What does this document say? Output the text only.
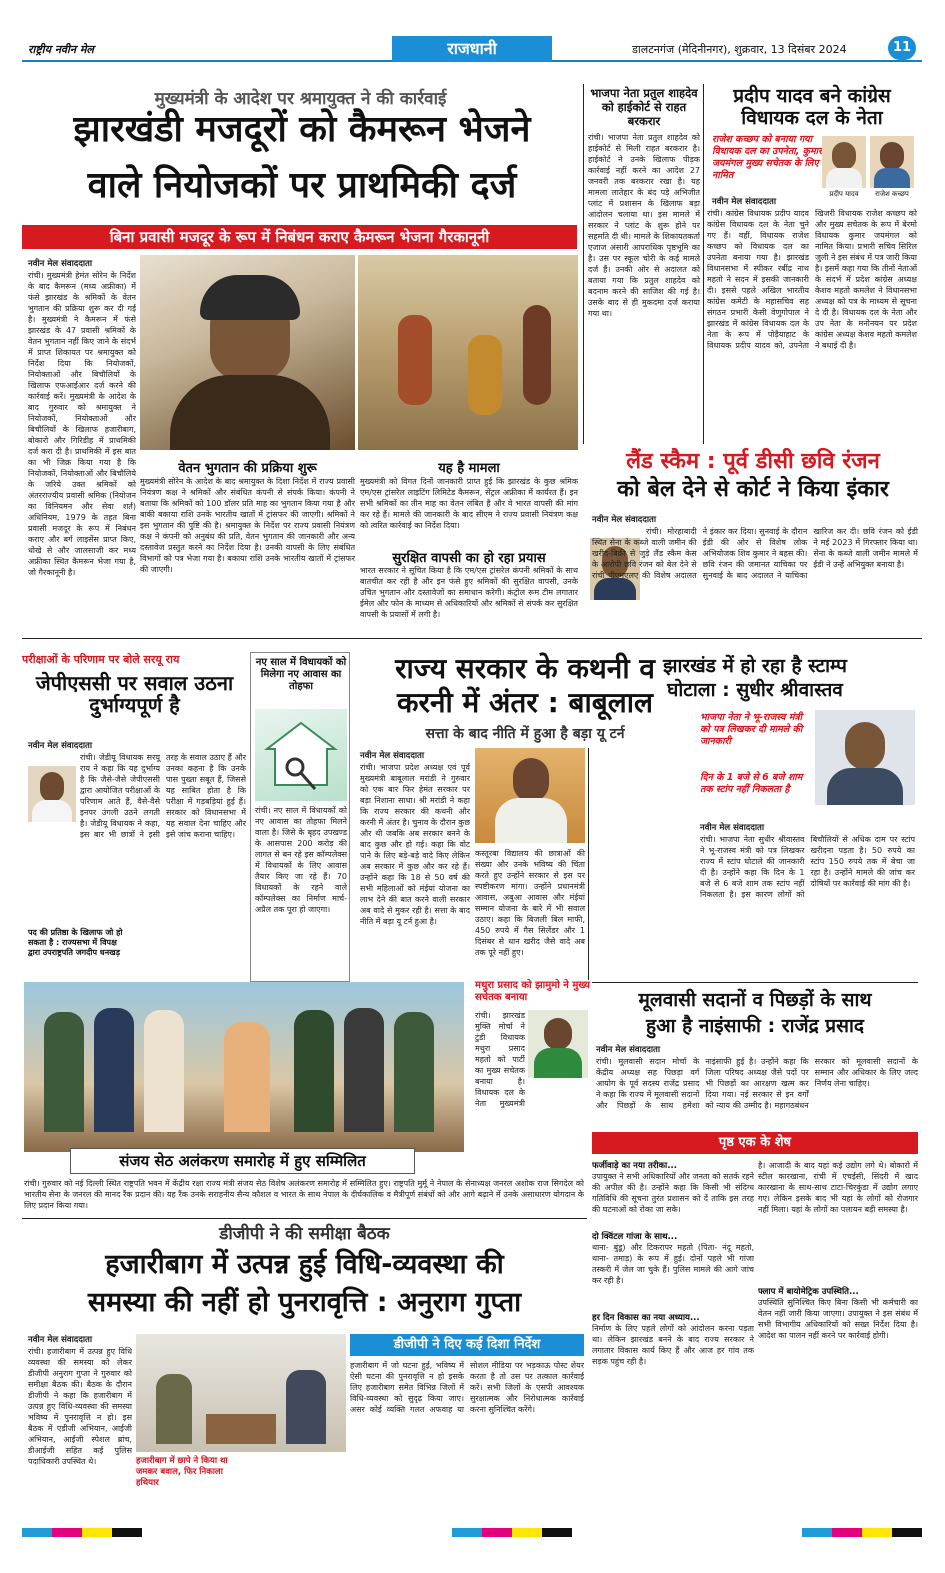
राष्ट्रीय नवीन मेल	राजधानी	डालटनगंज (मेदिनीनगर), शुक्रवार, 13 दिसंबर 2024	11
मुख्यमंत्री के आदेश पर श्रमायुक्त ने की कार्रवाई
झारखंडी मजदूरों को कैमरून भेजने
वाले नियोजकों पर प्राथमिकी दर्ज
बिना प्रवासी मजदूर के रूप में निबंधन कराए कैमरून भेजना गैरकानूनी
नवीन मेल संवाददाता
रांची। मुख्यमंत्री हेमंत सोरेन के निर्देश के बाद कैमरून (मध्य अफ्रीका) में फंसे झारखंड के श्रमिकों के वेतन भुगतान की प्रक्रिया शुरू कर दी गई है। मुख्यमंत्री ने कैमरून में फंसे झारखंड के 47 प्रवासी श्रमिकों के वेतन भुगतान नहीं किए जाने के संदर्भ में प्राप्त शिकायत पर श्रमायुक्त को निर्देश दिया कि नियोजकों, नियोक्ताओं और बिचौलियों के खिलाफ एफआईआर दर्ज करने की कार्रवाई करें। मुख्यमंत्री के आदेश के बाद गुरुवार को श्रमायुक्त ने नियोजकों, नियोक्ताओं और बिचौलियों के खिलाफ हजारीबाग, बोकारो और गिरिडीह में प्राथमिकी दर्ज करा दी है। प्राथमिकी में इस बात का भी जिक्र किया गया है कि नियोजकों, नियोक्ताओं और बिचौलिये के जरिये उक्त श्रमिकों को अंतरराज्यीय प्रवासी श्रमिक (नियोजन का विनियमन और सेवा शर्त) अधिनियम, 1979 के तहत बिना प्रवासी मजदूर के रूप में निबंधन कराए और बर्ग लाइसेंस प्राप्त किए, धोखे से और जालसाजी कर मध्य अफ्रीका स्थित कैमरून भेजा गया है, जो गैरकानूनी है।
वेतन भुगतान की प्रक्रिया शुरू
मुख्यमंत्री सोरेन के आदेश के बाद श्रमायुक्त के दिशा निर्देश में राज्य प्रवासी नियंत्रण कक्ष ने श्रमिकों और संबंधित कंपनी से संपर्क किया। कंपनी ने बताया कि श्रमिकों को 100 डॉलर प्रति माह का भुगतान किया गया है और बाकी बकाया राशि उनके भारतीय खातों में ट्रांसफर की जाएगी। श्रमिकों ने इस भुगतान की पुष्टि की है। श्रमायुक्त के निर्देश पर राज्य प्रवासी नियंत्रण कक्ष ने कंपनी को अनुबंध की प्रति, वेतन भुगतान की जानकारी और अन्य दस्तावेज प्रस्तुत करने का निर्देश दिया है। उनकी वापसी के लिए संबंधित विभागों को पत्र भेजा गया है। बकाया राशि उनके भारतीय खातों में ट्रांसफर की जाएगी।
यह है मामला
मुख्यमंत्री को विगत दिनों जानकारी प्राप्त हुई कि झारखंड के कुछ श्रमिक एम/एस ट्रांसरेल लाइटिंग लिमिटेड कैमरून, सेंट्रल अफ्रीका में कार्यरत हैं। इन सभी श्रमिकों का तीन माह का वेतन लंबित है और वे भारत वापसी की मांग कर रहे हैं। मामले की जानकारी के बाद सीएम ने राज्य प्रवासी नियंत्रण कक्ष को त्वरित कार्रवाई का निर्देश दिया।
सुरक्षित वापसी का हो रहा प्रयास
भारत सरकार ने सूचित किया है कि एम/एस ट्रांसरेल कंपनी श्रमिकों के साथ बातचीत कर रही है और इन फंसे हुए श्रमिकों की सुरक्षित वापसी, उनके उचित भुगतान और दस्तावेजों का समाधान करेगी। कंट्रोल रूम टीम लगातार ईमेल और फोन के माध्यम से अधिकारियों और श्रमिकों से संपर्क कर सुरक्षित वापसी के प्रयासों में लगी है।
भाजपा नेता प्रतुल शाहदेव को हाईकोर्ट से राहत बरकरार
रांची। भाजपा नेता प्रतुल शाहदेव को हाईकोर्ट से मिली राहत बरकरार है। हाईकोर्ट ने उनके खिलाफ पीड़क कार्रवाई नहीं करने का आदेश 27 जनवरी तक बरकरार रखा है। यह मामला लातेहार के बंद पड़े अभिजीत प्लांट में प्रशासन के खिलाफ बड़ा आंदोलन चलाया था। इस मामले में सरकार ने प्लांट के शुरू होने पर सहमति दी थी। मामले के शिकायतकर्ता एजाज अंसारी आपराधिक पृष्ठभूमि का है। उस पर स्कूल चोरी के कई मामले दर्ज हैं। उनकी ओर से अदालत को बताया गया कि प्रतुल शाहदेव को बदनाम करने की साजिश की गई है। उसके बाद से ही मुकदमा दर्ज कराया गया था।
प्रदीप यादव बने कांग्रेस
विधायक दल के नेता
राजेश कच्छप को बनाया गया विधायक दल का उपनेता, कुमार जयमंगल मुख्य सचेतक के लिए नामित
प्रदीप यादव	राजेश कच्छप
नवीन मेल संवाददाता
रांची। कांग्रेस विधायक प्रदीप यादव कांग्रेस विधायक दल के नेता चुने गए हैं। वहीं, विधायक राजेश कच्छप को विधायक दल का उपनेता बनाया गया है। झारखंड विधानसभा में स्पीकर रबींद्र नाथ महतो ने सदन में इसकी जानकारी दी। इससे पहले अखिल भारतीय कांग्रेस कमेटी के महासचिव सह संगठन प्रभारी केसी वेणुगोपाल ने झारखंड में कांग्रेस विधायक दल के नेता के रूप में पोड़ैयाहाट के विधायक प्रदीप यादव को, उपनेता खिजरी विधायक राजेश कच्छप को और मुख्य सचेतक के रूप में बेरमो विधायक कुमार जयमंगल को नामित किया। प्रभारी सचिव सिरिल जुली ने इस संबंध में पत्र जारी किया है। इसमें कहा गया कि तीनों नेताओं के संदर्भ में प्रदेश कांग्रेस अध्यक्ष केशव महतो कमलेश ने विधानसभा अध्यक्ष को पत्र के माध्यम से सूचना दे दी है। विधायक दल के नेता और उप नेता के मनोनयन पर प्रदेश कांग्रेस अध्यक्ष केशव महतो कमलेश ने बधाई दी है।
लैंड स्कैम : पूर्व डीसी छवि रंजन
को बेल देने से कोर्ट ने किया इंकार
नवीन मेल संवाददाता
रांची। मोरहाबादी स्थित सेना के कब्जे वाली जमीन की खरीद-बिक्री से जुड़े लैंड स्कैम केस के आरोपी छवि रंजन को बेल देने से रांची पीएमएलए की विशेष अदालत ने इंकार कर दिया। सुनवाई के दौरान ईडी की ओर से विशेष लोक अभियोजक शिव कुमार ने बहस की। छवि रंजन की जमानत याचिका पर सुनवाई के बाद अदालत ने याचिका खारिज कर दी। छवि रंजन को ईडी ने मई 2023 में गिरफ्तार किया था। सेना के कब्जे वाली जमीन मामले में ईडी ने उन्हें अभियुक्त बनाया है।
परीक्षाओं के परिणाम पर बोले सरयू राय
जेपीएससी पर सवाल उठना दुर्भाग्यपूर्ण है
नवीन मेल संवाददाता
रांची। जेडीयू विधायक सरयू राय ने कहा कि यह दुर्भाग्य है कि जैसे-जैसे जेपीएससी द्वारा आयोजित परीक्षाओं के परिणाम आते हैं, वैसे-वैसे इनपर उंगली उठने लगती है। जेडीयू विधायक ने कहा, इस बार भी छात्रों ने इसी तरह के सवाल उठाए हैं और उनका कहना है कि उनके पास पुख्ता सबूत हैं, जिससे यह साबित होता है कि परीक्षा में गड़बड़ियां हुई हैं। सरकार को विधानसभा में यह सवाल देना चाहिए और इसे जांच कराना चाहिए।
पद की प्रतिष्ठा के खिलाफ जो हो सकता है : राज्यसभा में विपक्ष द्वारा उपराष्ट्रपति जगदीप धनखड़
नए साल में विधायकों को मिलेगा नए आवास का तोहफा
रांची। नए साल में विधायकों को नए आवास का तोहफा मिलने वाला है। जिसे के बृहद उपखण्ड के आसपास 200 करोड़ की लागत से बन रहे इस कॉम्पलेक्स में विधायकों के लिए आवास तैयार किए जा रहे हैं। 70 विधायकों के रहने वाले कॉम्पलेक्स का निर्माण मार्च-अप्रैल तक पूरा हो जाएगा।
राज्य सरकार के कथनी व
करनी में अंतर : बाबूलाल
सत्ता के बाद नीति में हुआ है बड़ा यू टर्न
नवीन मेल संवाददाता
रांची। भाजपा प्रदेश अध्यक्ष एवं पूर्व मुख्यमंत्री बाबूलाल मरांडी ने गुरुवार को एक बार फिर हेमंत सरकार पर बड़ा निशाना साधा। श्री मरांडी ने कहा कि राज्य सरकार की कथनी और करनी में अंतर है। चुनाव के दौरान कुछ और थी जबकि अब सरकार बनने के बाद कुछ और हो गई। कहा कि वोट पाने के लिए बड़े-बड़े वादे किए लेकिन अब सरकार में कुछ और कर रहे हैं। उन्होंने कहा कि 18 से 50 वर्ष की सभी महिलाओं को मंईयां योजना का लाभ देने की बात करने वाली सरकार अब वादे से मुकर रही है। सत्ता के बाद नीति में बड़ा यू टर्न हुआ है।
कस्तूरबा विद्यालय की छात्राओं की संख्या और उनके भविष्य की चिंता करते हुए उन्होंने सरकार से इस पर स्पष्टीकरण मांगा। उन्होंने प्रधानमंत्री आवास, अबुआ आवास और मंईयां सम्मान योजना के बारे में भी सवाल उठाए। कहा कि बिजली बिल माफी, 450 रुपये में गैस सिलेंडर और 1 दिसंबर से धान खरीद जैसे वादे अब तक पूरे नहीं हुए।
मथुरा प्रसाद को झामुमो ने मुख्य सचेतक बनाया
रांची। झारखंड मुक्ति मोर्चा ने टुंडी विधायक मथुरा प्रसाद महतो को पार्टी का मुख्य सचेतक बनाया है। विधायक दल के नेता मुख्यमंत्री
झारखंड में हो रहा है स्टाम्प
घोटाला : सुधीर श्रीवास्तव
भाजपा नेता ने भू-राजस्व मंत्री को पत्र लिखकर दी मामले की जानकारी
दिन के 1 बजे से 6 बजे शाम तक स्टांप नहीं निकलता है
नवीन मेल संवाददाता
रांची। भाजपा नेता सुधीर श्रीवास्तव ने भू-राजस्व मंत्री को पत्र लिखकर राज्य में स्टांप घोटाले की जानकारी दी है। उन्होंने कहा कि दिन के 1 बजे से 6 बजे शाम तक स्टांप नहीं निकलता है। इस कारण लोगों को बिचौलियों से अधिक दाम पर स्टांप खरीदना पड़ता है। 50 रुपये का स्टांप 150 रुपये तक में बेचा जा रहा है। उन्होंने मामले की जांच कर दोषियों पर कार्रवाई की मांग की है।
मूलवासी सदानों व पिछड़ों के साथ
हुआ है नाइंसाफी : राजेंद्र प्रसाद
नवीन मेल संवाददाता
रांची। मूलवासी सदान मोर्चा के केंद्रीय अध्यक्ष सह पिछड़ा वर्ग आयोग के पूर्व सदस्य राजेंद्र प्रसाद ने कहा कि राज्य में मूलवासी सदानों और पिछड़ों के साथ हमेशा नाइंसाफी हुई है। उन्होंने कहा कि जिला परिषद अध्यक्ष जैसे पदों पर भी पिछड़ों का आरक्षण खत्म कर दिया गया। नई सरकार से इन वर्गों को न्याय की उम्मीद है। महागठबंधन सरकार को मूलवासी सदानों के सम्मान और अधिकार के लिए जल्द निर्णय लेना चाहिए।
संजय सेठ अलंकरण समारोह में हुए सम्मिलित
रांची। गुरुवार को नई दिल्ली स्थित राष्ट्रपति भवन में केंद्रीय रक्षा राज्य मंत्री संजय सेठ विशेष अलंकरण समारोह में सम्मिलित हुए। राष्ट्रपति मुर्मू ने नेपाल के सेनाध्यक्ष जनरल अशोक राज सिगदेल को भारतीय सेना के जनरल की मानद रैंक प्रदान की। यह रैंक उनके सराहनीय सैन्य कौशल व भारत के साथ नेपाल के दीर्घकालिक व मैत्रीपूर्ण संबंधों को और आगे बढ़ाने में उनके असाधारण योगदान के लिए प्रदान किया गया।
पृष्ठ एक के शेष
फर्जीवाड़े का नया तरीका...
उपायुक्त ने सभी अधिकारियों और जनता को सतर्क रहने की अपील की है। उन्होंने कहा कि किसी भी संदिग्ध गतिविधि की सूचना तुरंत प्रशासन को दें ताकि इस तरह की घटनाओं को रोका जा सके।
दो क्विंटल गांजा के साथ...
थाना- बुंडू) और टिकरापर महतो (पिता- नंदू महतो, थाना- तमाड़) के रूप में हुई। दोनों पहले भी गांजा तस्करी में जेल जा चुके हैं। पुलिस मामले की आगे जांच कर रही है।
हर दिन विकास का नया अध्याय...
निर्माण के लिए पहले लोगों को आंदोलन करना पड़ता था। लेकिन झारखंड बनने के बाद राज्य सरकार ने लगातार विकास कार्य किए हैं और आज हर गांव तक सड़क पहुंच रही है।
है। आजादी के बाद यहां कई उद्योग लगे थे। बोकारो में स्टील कारखाना, रांची में एचईसी, सिंदरी में खाद कारखाना के साथ-साथ टाटा-चिरकुंडा में उद्योग लगाए गए। लेकिन इसके बाद भी यहां के लोगों को रोजगार नहीं मिला। यहां के लोगों का पलायन बड़ी समस्या है।
फ्लाप में बायोमेट्रिक उपस्थिति...
उपस्थिति सुनिश्चित किए बिना किसी भी कर्मचारी का वेतन नहीं जारी किया जाएगा। उपायुक्त ने इस संबंध में सभी विभागीय अधिकारियों को सख्त निर्देश दिया है। आदेश का पालन नहीं करने पर कार्रवाई होगी।
डीजीपी ने की समीक्षा बैठक
हजारीबाग में उत्पन्न हुई विधि-व्यवस्था की
समस्या की नहीं हो पुनरावृत्ति : अनुराग गुप्ता
नवीन मेल संवाददाता
रांची। हजारीबाग में उत्पन्न हुए विधि व्यवस्था की समस्या को लेकर डीजीपी अनुराग गुप्ता ने गुरुवार को समीक्षा बैठक की। बैठक के दौरान डीजीपी ने कहा कि हजारीबाग में उत्पन्न हुए विधि-व्यवस्था की समस्या भविष्य में पुनरावृत्ति न हो। इस बैठक में एडीजी अभियान, आईजी अभियान, आईजी स्पेशल ब्रांच, डीआईजी सहित कई पुलिस पदाधिकारी उपस्थित थे।
डीजीपी ने दिए कई दिशा निर्देश
हजारीबाग में जो घटना हुई, भविष्य में ऐसी घटना की पुनरावृत्ति न हो इसके लिए हजारीबाग समेत विभिन्न जिलों में विधि-व्यवस्था को सुदृढ़ किया जाए। असर कोई व्यक्ति गलत अफवाह या सोशल मीडिया पर भड़काऊ पोस्ट शेयर करता है तो उस पर तत्काल कार्रवाई करें। सभी जिलों के एसपी आवश्यक सुरक्षात्मक और निरोधात्मक कार्रवाई करना सुनिश्चित करेंगे।
हजारीबाग में छापे ने किया था जमकर बवाल, फिर निकाला हथियार
